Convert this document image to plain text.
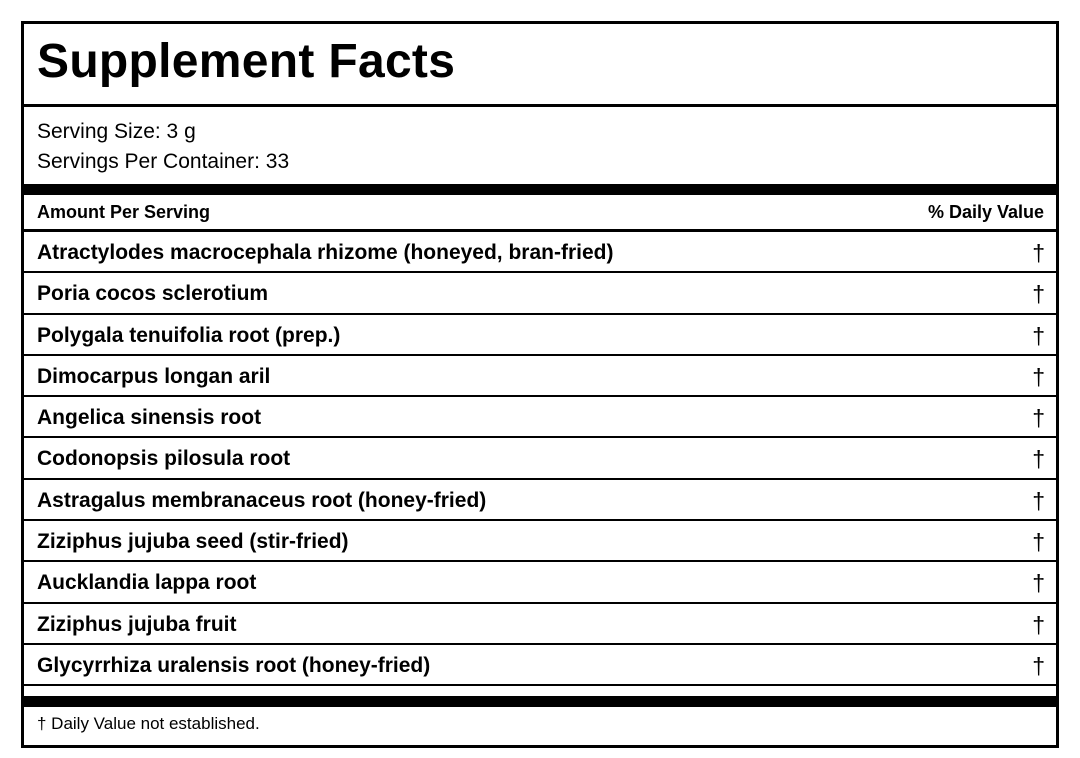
Supplement Facts
Serving Size: 3 g
Servings Per Container: 33
Amount Per Serving	% Daily Value
Atractylodes macrocephala rhizome (honeyed, bran-fried)	†
Poria cocos sclerotium	†
Polygala tenuifolia root (prep.)	†
Dimocarpus longan aril	†
Angelica sinensis root	†
Codonopsis pilosula root	†
Astragalus membranaceus root (honey-fried)	†
Ziziphus jujuba seed (stir-fried)	†
Aucklandia lappa root	†
Ziziphus jujuba fruit	†
Glycyrrhiza uralensis root (honey-fried)	†
† Daily Value not established.
